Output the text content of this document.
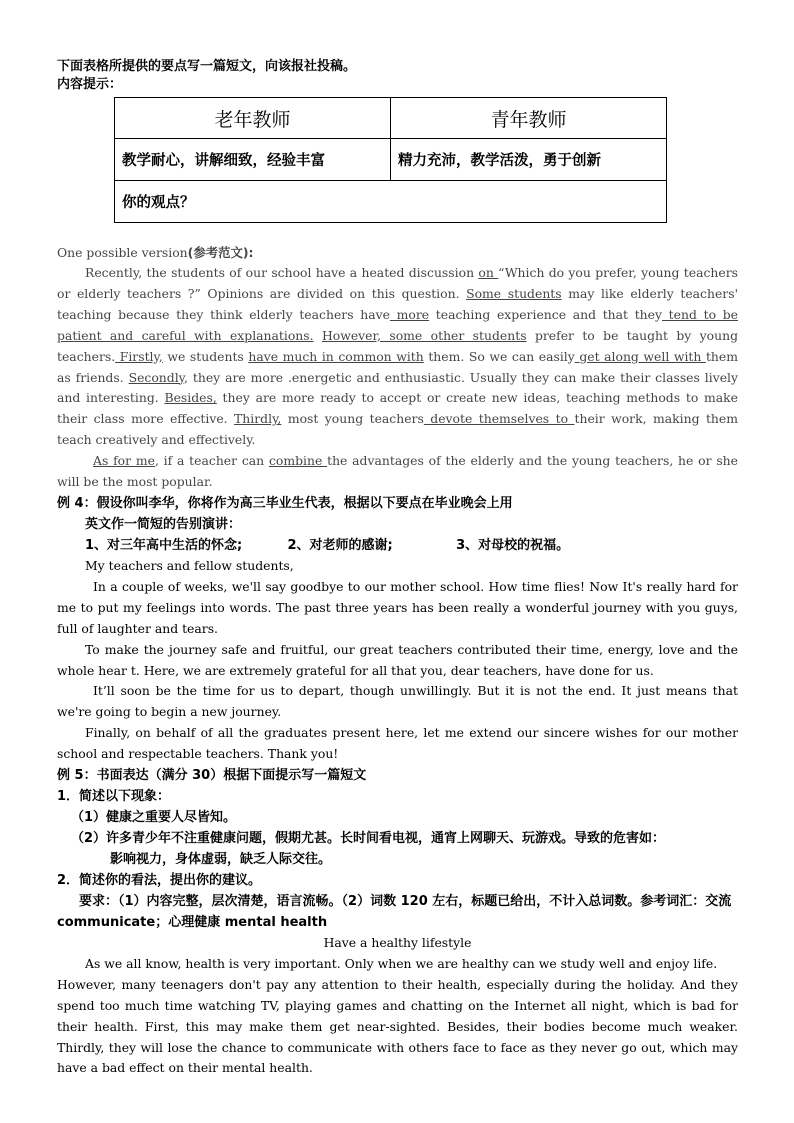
下面表格所提供的要点写一篇短文，向该报社投稿。

内容提示：

老年教师	青年教师
教学耐心，讲解细致，经验丰富	精力充沛，教学活泼，勇于创新
你的观点？	
One possible version(参考范文):

Recently, the students of our school have a heated discussion on “Which do you prefer, young teachers or elderly teachers ?” Opinions are divided on this question. Some students may like elderly teachers' teaching because they think elderly teachers have more teaching experience and that they tend to be patient and careful with explanations. However, some other students prefer to be taught by young teachers. Firstly, we students have much in common with them. So we can easily get along well with them as friends. Secondly, they are more .energetic and enthusiastic. Usually they can make their classes lively and interesting. Besides, they are more ready to accept or create new ideas, teaching methods to make their class more effective. Thirdly, most young teachers devote themselves to their work, making them teach creatively and effectively.

As for me, if a teacher can combine the advantages of the elderly and the young teachers, he or she will be the most popular.

例 4：假设你叫李华，你将作为高三毕业生代表，根据以下要点在毕业晚会上用

英文作一简短的告别演讲：

1、对三年高中生活的怀念;          2、对老师的感谢;              3、对母校的祝福。

My teachers and fellow students,

In a couple of weeks, we'll say goodbye to our mother school. How time flies! Now It's really hard for me to put my feelings into words. The past three years has been really a wonderful journey with you guys, full of laughter and tears.

To make the journey safe and fruitful, our great teachers contributed their time, energy, love and the whole hear t. Here, we are extremely grateful for all that you, dear teachers, have done for us.

It’ll soon be the time for us to depart, though unwillingly. But it is not the end. It just means that we're going to begin a new journey.

Finally, on behalf of all the graduates present here, let me extend our sincere wishes for our mother school and respectable teachers. Thank you!

例 5：书面表达（满分 30）根据下面提示写一篇短文

1．简述以下现象：

（1）健康之重要人尽皆知。

（2）许多青少年不注重健康问题，假期尤甚。长时间看电视，通宵上网聊天、玩游戏。导致的危害如：

影响视力，身体虚弱，缺乏人际交往。

2．简述你的看法，提出你的建议。

要求：（1）内容完整，层次清楚，语言流畅。（2）词数 120 左右，标题已给出，不计入总词数。参考词汇：交流 communicate；心理健康 mental health

Have a healthy lifestyle

As we all know, health is very important. Only when we are healthy can we study well and enjoy life.

However, many teenagers don't pay any attention to their health, especially during the holiday. And they spend too much time watching TV, playing games and chatting on the Internet all night, which is bad for their health. First, this may make them get near-sighted. Besides, their bodies become much weaker. Thirdly, they will lose the chance to communicate with others face to face as they never go out, which may have a bad effect on their mental health.
